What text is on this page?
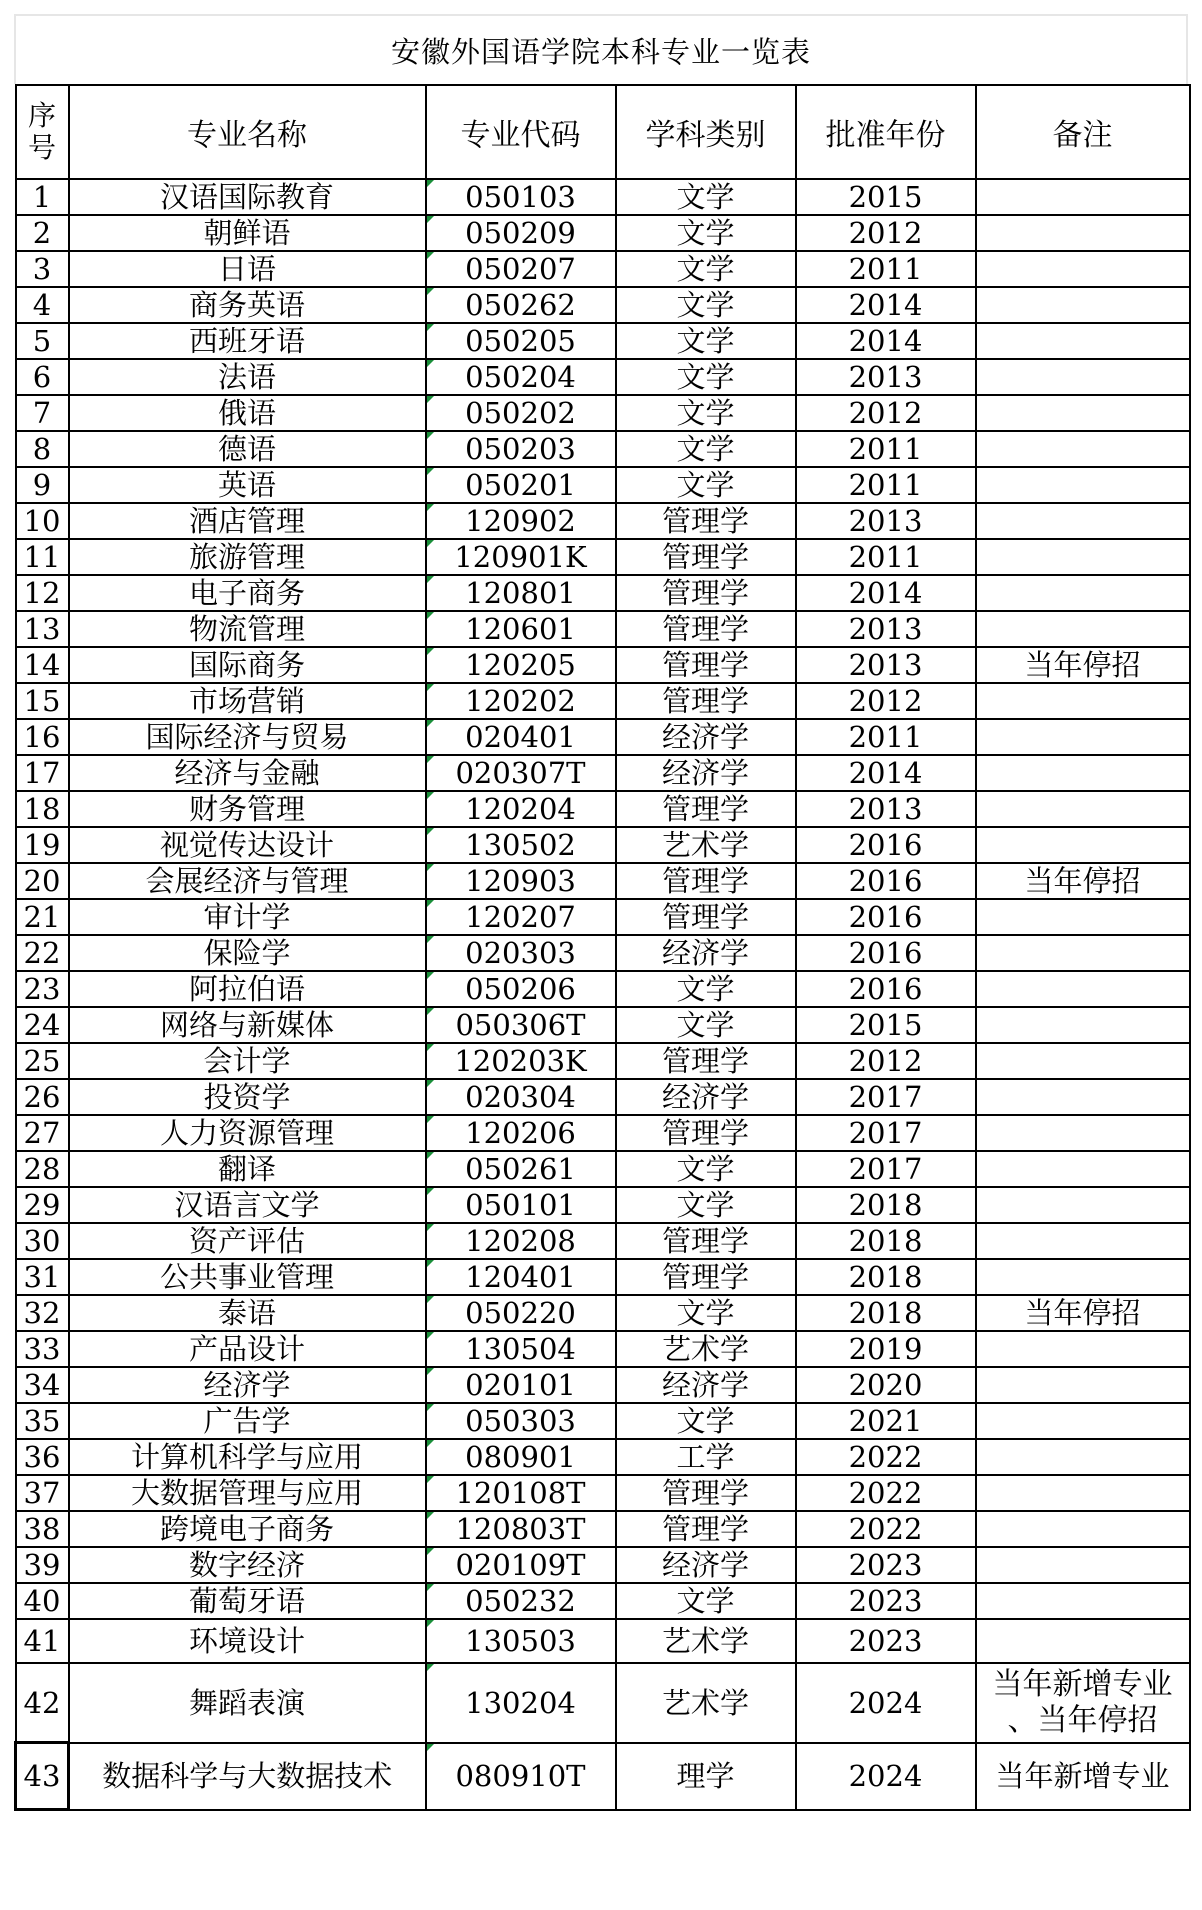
安徽外国语学院本科专业一览表
序
号	专业名称	专业代码	学科类别	批准年份	备注
1	汉语国际教育	050103	文学	2015	
2	朝鲜语	050209	文学	2012	
3	日语	050207	文学	2011	
4	商务英语	050262	文学	2014	
5	西班牙语	050205	文学	2014	
6	法语	050204	文学	2013	
7	俄语	050202	文学	2012	
8	德语	050203	文学	2011	
9	英语	050201	文学	2011	
10	酒店管理	120902	管理学	2013	
11	旅游管理	120901K	管理学	2011	
12	电子商务	120801	管理学	2014	
13	物流管理	120601	管理学	2013	
14	国际商务	120205	管理学	2013	当年停招
15	市场营销	120202	管理学	2012	
16	国际经济与贸易	020401	经济学	2011	
17	经济与金融	020307T	经济学	2014	
18	财务管理	120204	管理学	2013	
19	视觉传达设计	130502	艺术学	2016	
20	会展经济与管理	120903	管理学	2016	当年停招
21	审计学	120207	管理学	2016	
22	保险学	020303	经济学	2016	
23	阿拉伯语	050206	文学	2016	
24	网络与新媒体	050306T	文学	2015	
25	会计学	120203K	管理学	2012	
26	投资学	020304	经济学	2017	
27	人力资源管理	120206	管理学	2017	
28	翻译	050261	文学	2017	
29	汉语言文学	050101	文学	2018	
30	资产评估	120208	管理学	2018	
31	公共事业管理	120401	管理学	2018	
32	泰语	050220	文学	2018	当年停招
33	产品设计	130504	艺术学	2019	
34	经济学	020101	经济学	2020	
35	广告学	050303	文学	2021	
36	计算机科学与应用	080901	工学	2022	
37	大数据管理与应用	120108T	管理学	2022	
38	跨境电子商务	120803T	管理学	2022	
39	数字经济	020109T	经济学	2023	
40	葡萄牙语	050232	文学	2023	
41	环境设计	130503	艺术学	2023	
42	舞蹈表演	130204	艺术学	2024	当年新增专业
、当年停招
43	数据科学与大数据技术	080910T	理学	2024	当年新增专业
